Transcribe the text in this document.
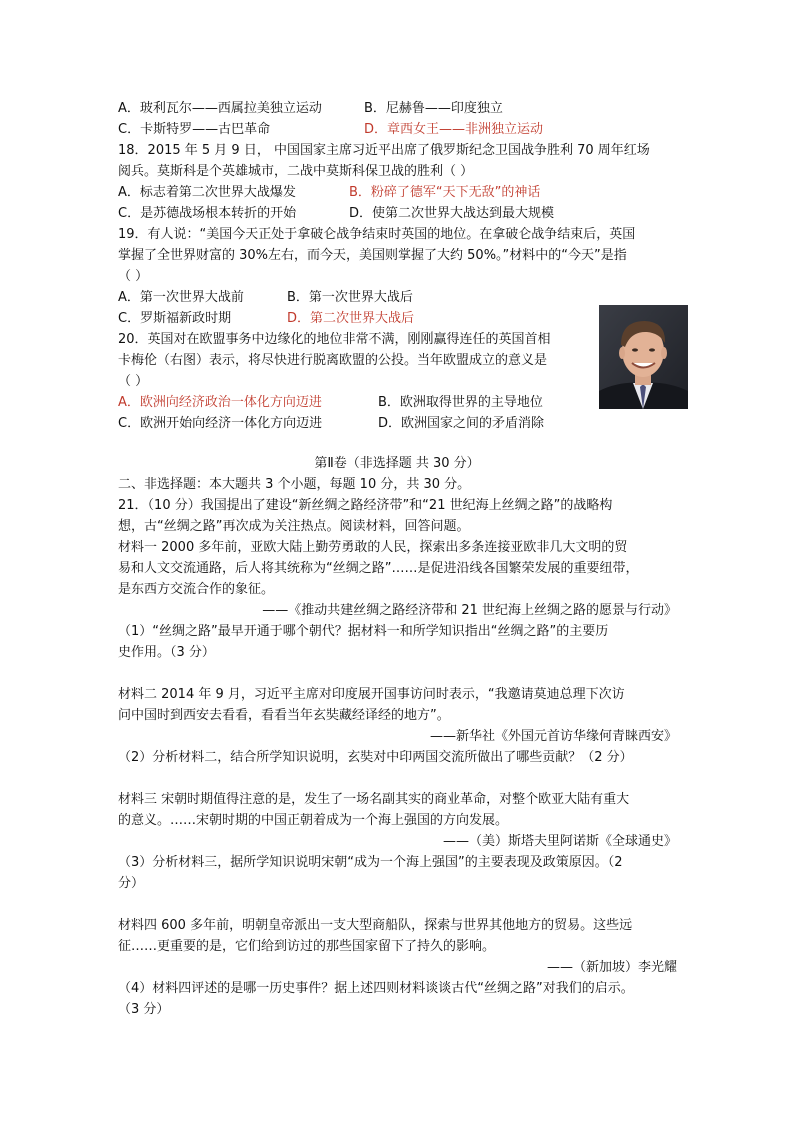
A．玻利瓦尔——西属拉美独立运动	B．尼赫鲁——印度独立
C．卡斯特罗——古巴革命	D．章西女王——非洲独立运动
18．2015 年 5 月 9 日， 中国国家主席习近平出席了俄罗斯纪念卫国战争胜利 70 周年红场
阅兵。莫斯科是个英雄城市，二战中莫斯科保卫战的胜利（ ）
A．标志着第二次世界大战爆发	B．粉碎了德军“天下无敌”的神话
C．是苏德战场根本转折的开始	D．使第二次世界大战达到最大规模
19．有人说：“美国今天正处于拿破仑战争结束时英国的地位。在拿破仑战争结束后，英国
掌握了全世界财富的 30%左右，而今天，美国则掌握了大约 50%。”材料中的“今天”是指
（ ）
A．第一次世界大战前	B．第一次世界大战后
C．罗斯福新政时期	D．第二次世界大战后
20．英国对在欧盟事务中边缘化的地位非常不满，刚刚赢得连任的英国首相
卡梅伦（右图）表示，将尽快进行脱离欧盟的公投。当年欧盟成立的意义是
（ ）
A．欧洲向经济政治一体化方向迈进	B．欧洲取得世界的主导地位
C．欧洲开始向经济一体化方向迈进	D．欧洲国家之间的矛盾消除
第Ⅱ卷（非选择题 共 30 分）
二、非选择题：本大题共 3 个小题，每题 10 分，共 30 分。
21．（10 分）我国提出了建设“新丝绸之路经济带”和“21 世纪海上丝绸之路”的战略构
想，古“丝绸之路”再次成为关注热点。阅读材料，回答问题。
材料一 2000 多年前，亚欧大陆上勤劳勇敢的人民，探索出多条连接亚欧非几大文明的贸
易和人文交流通路，后人将其统称为“丝绸之路”……是促进沿线各国繁荣发展的重要纽带，
是东西方交流合作的象征。
——《推动共建丝绸之路经济带和 21 世纪海上丝绸之路的愿景与行动》
（1）“丝绸之路”最早开通于哪个朝代？据材料一和所学知识指出“丝绸之路”的主要历
史作用。（3 分）
材料二 2014 年 9 月，习近平主席对印度展开国事访问时表示，“我邀请莫迪总理下次访
问中国时到西安去看看，看看当年玄奘藏经译经的地方”。
——新华社《外国元首访华缘何青睐西安》
（2）分析材料二，结合所学知识说明，玄奘对中印两国交流所做出了哪些贡献？（2 分）
材料三 宋朝时期值得注意的是，发生了一场名副其实的商业革命，对整个欧亚大陆有重大
的意义。……宋朝时期的中国正朝着成为一个海上强国的方向发展。
——（美）斯塔夫里阿诺斯《全球通史》
（3）分析材料三，据所学知识说明宋朝“成为一个海上强国”的主要表现及政策原因。（2
分）
材料四 600 多年前，明朝皇帝派出一支大型商船队，探索与世界其他地方的贸易。这些远
征……更重要的是，它们给到访过的那些国家留下了持久的影响。
——（新加坡）李光耀
（4）材料四评述的是哪一历史事件？据上述四则材料谈谈古代“丝绸之路”对我们的启示。
（3 分）
